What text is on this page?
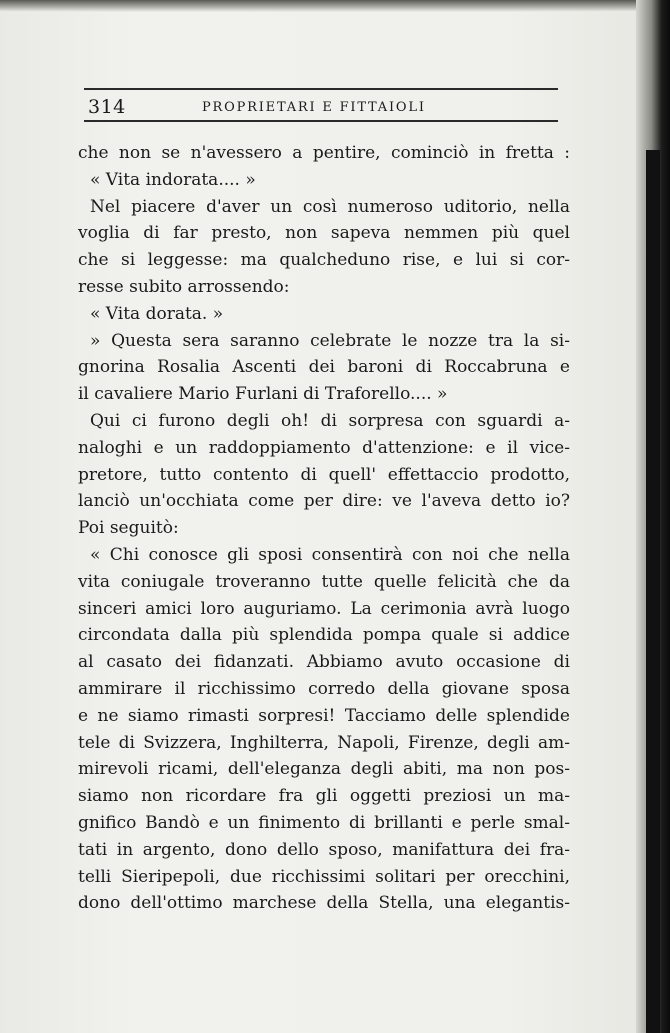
314	PROPRIETARI E FITTAIOLI
che non se n'avessero a pentire, cominciò in fretta :
« Vita indorata.... »
Nel piacere d'aver un così numeroso uditorio, nella
voglia di far presto, non sapeva nemmen più quel
che si leggesse: ma qualcheduno rise, e lui si cor-
resse subito arrossendo:
« Vita dorata. »
» Questa sera saranno celebrate le nozze tra la si-
gnorina Rosalia Ascenti dei baroni di Roccabruna e
il cavaliere Mario Furlani di Traforello.... »
Qui ci furono degli oh! di sorpresa con sguardi a-
naloghi e un raddoppiamento d'attenzione: e il vice-
pretore, tutto contento di quell' effettaccio prodotto,
lanciò un'occhiata come per dire: ve l'aveva detto io?
Poi seguitò:
« Chi conosce gli sposi consentirà con noi che nella
vita coniugale troveranno tutte quelle felicità che da
sinceri amici loro auguriamo. La cerimonia avrà luogo
circondata dalla più splendida pompa quale si addice
al casato dei fidanzati. Abbiamo avuto occasione di
ammirare il ricchissimo corredo della giovane sposa
e ne siamo rimasti sorpresi! Tacciamo delle splendide
tele di Svizzera, Inghilterra, Napoli, Firenze, degli am-
mirevoli ricami, dell'eleganza degli abiti, ma non pos-
siamo non ricordare fra gli oggetti preziosi un ma-
gnifico Bandò e un finimento di brillanti e perle smal-
tati in argento, dono dello sposo, manifattura dei fra-
telli Sieripepoli, due ricchissimi solitari per orecchini,
dono dell'ottimo marchese della Stella, una elegantis-
